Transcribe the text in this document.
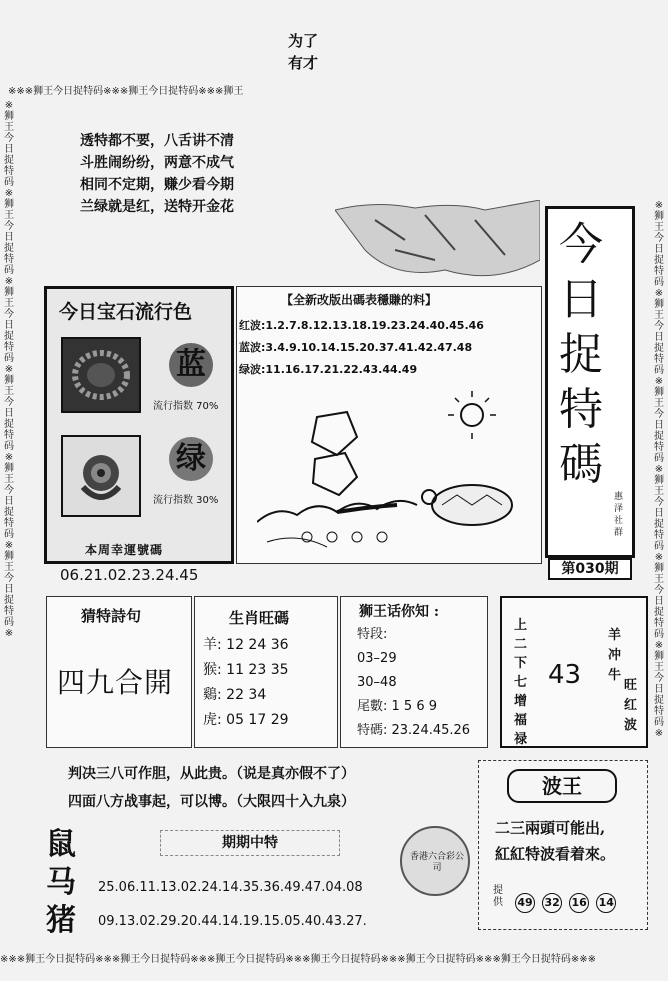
为了
有才
※※※狮王今日捉特码※※※狮王今日捉特码※※※狮王
※狮王今日捉特码※狮王今日捉特码※狮王今日捉特码※狮王今日捉特码※狮王今日捉特码※狮王今日捉特码※
※狮王今日捉特码※狮王今日捉特码※狮王今日捉特码※狮王今日捉特码※狮王今日捉特码※狮王今日捉特码※
透特都不要，八舌讲不清
斗胜闹纷纷，两意不成气
相同不定期，赚少看今期
兰绿就是红，送特开金花
今
日
捉
特
碼
惠泽社群
第030期
今日宝石流行色
蓝
流行指数 70%
绿
流行指数 30%
本周幸運號碼
06.21.02.23.24.45
【全新改版出碼表穩賺的料】
红波:1.2.7.8.12.13.18.19.23.24.40.45.46
蓝波:3.4.9.10.14.15.20.37.41.42.47.48
绿波:11.16.17.21.22.43.44.49
猜特詩句
四九合開
生肖旺碼
羊: 12 24 36
猴: 11 23 35
鷄: 22 34
虎: 05 17 29
狮王话你知 :
特段:
03–29
30–48
尾數: 1 5 6 9
特碼: 23.24.45.26
上二下七增福禄
43
羊冲牛
旺红波
判决三八可作胆，从此贵。（说是真亦假不了）
四面八方战事起，可以博。（大限四十入九泉）
波王
二三兩頭可能出,
紅紅特波看着來。
提供 49 32 16 14
鼠
马
猪
期期中特
香港六合彩公司
25.06.11.13.02.24.14.35.36.49.47.04.08
09.13.02.29.20.44.14.19.15.05.40.43.27.
※※※狮王今日捉特码※※※狮王今日捉特码※※※狮王今日捉特码※※※狮王今日捉特码※※※狮王今日捉特码※※※狮王今日捉特码※※※
